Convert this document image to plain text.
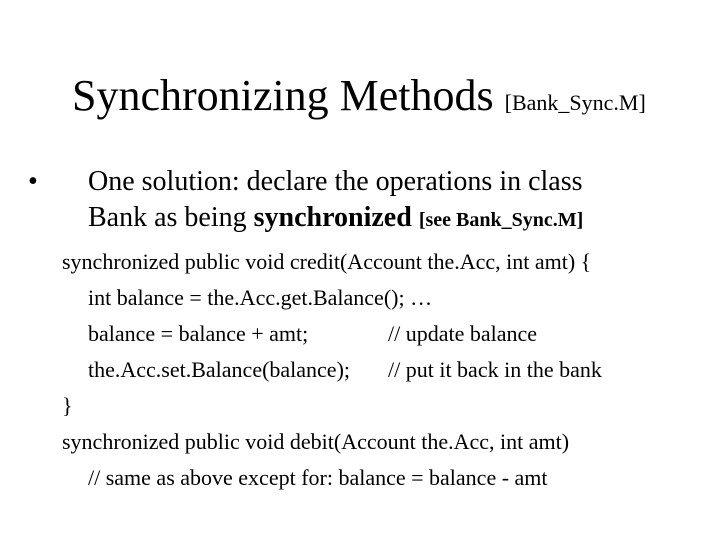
Synchronizing Methods [Bank_Sync.M]
• One solution: declare the operations in class
Bank as being synchronized [see Bank_Sync.M]
synchronized public void credit(Account the.Acc, int amt) {
int balance = the.Acc.get.Balance(); …
balance = balance + amt;	// update balance
the.Acc.set.Balance(balance); // put it back in the bank
}
synchronized public void debit(Account the.Acc, int amt)
// same as above except for: balance = balance - amt
